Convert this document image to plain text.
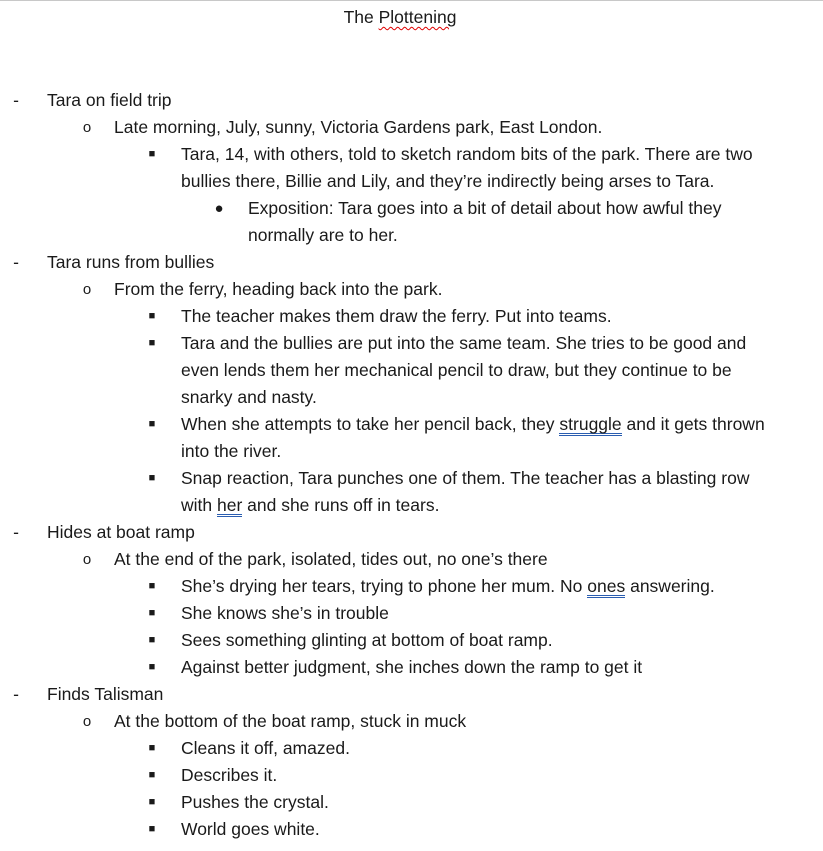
The Plottening
- Tara on field trip
o Late morning, July, sunny, Victoria Gardens park, East London.
■ Tara, 14, with others, told to sketch random bits of the park. There are two
bullies there, Billie and Lily, and they’re indirectly being arses to Tara.
● Exposition: Tara goes into a bit of detail about how awful they
normally are to her.
- Tara runs from bullies
o From the ferry, heading back into the park.
■ The teacher makes them draw the ferry. Put into teams.
■ Tara and the bullies are put into the same team. She tries to be good and
even lends them her mechanical pencil to draw, but they continue to be
snarky and nasty.
■ When she attempts to take her pencil back, they struggle and it gets thrown
into the river.
■ Snap reaction, Tara punches one of them. The teacher has a blasting row
with her and she runs off in tears.
- Hides at boat ramp
o At the end of the park, isolated, tides out, no one’s there
■ She’s drying her tears, trying to phone her mum. No ones answering.
■ She knows she’s in trouble
■ Sees something glinting at bottom of boat ramp.
■ Against better judgment, she inches down the ramp to get it
- Finds Talisman
o At the bottom of the boat ramp, stuck in muck
■ Cleans it off, amazed.
■ Describes it.
■ Pushes the crystal.
■ World goes white.
